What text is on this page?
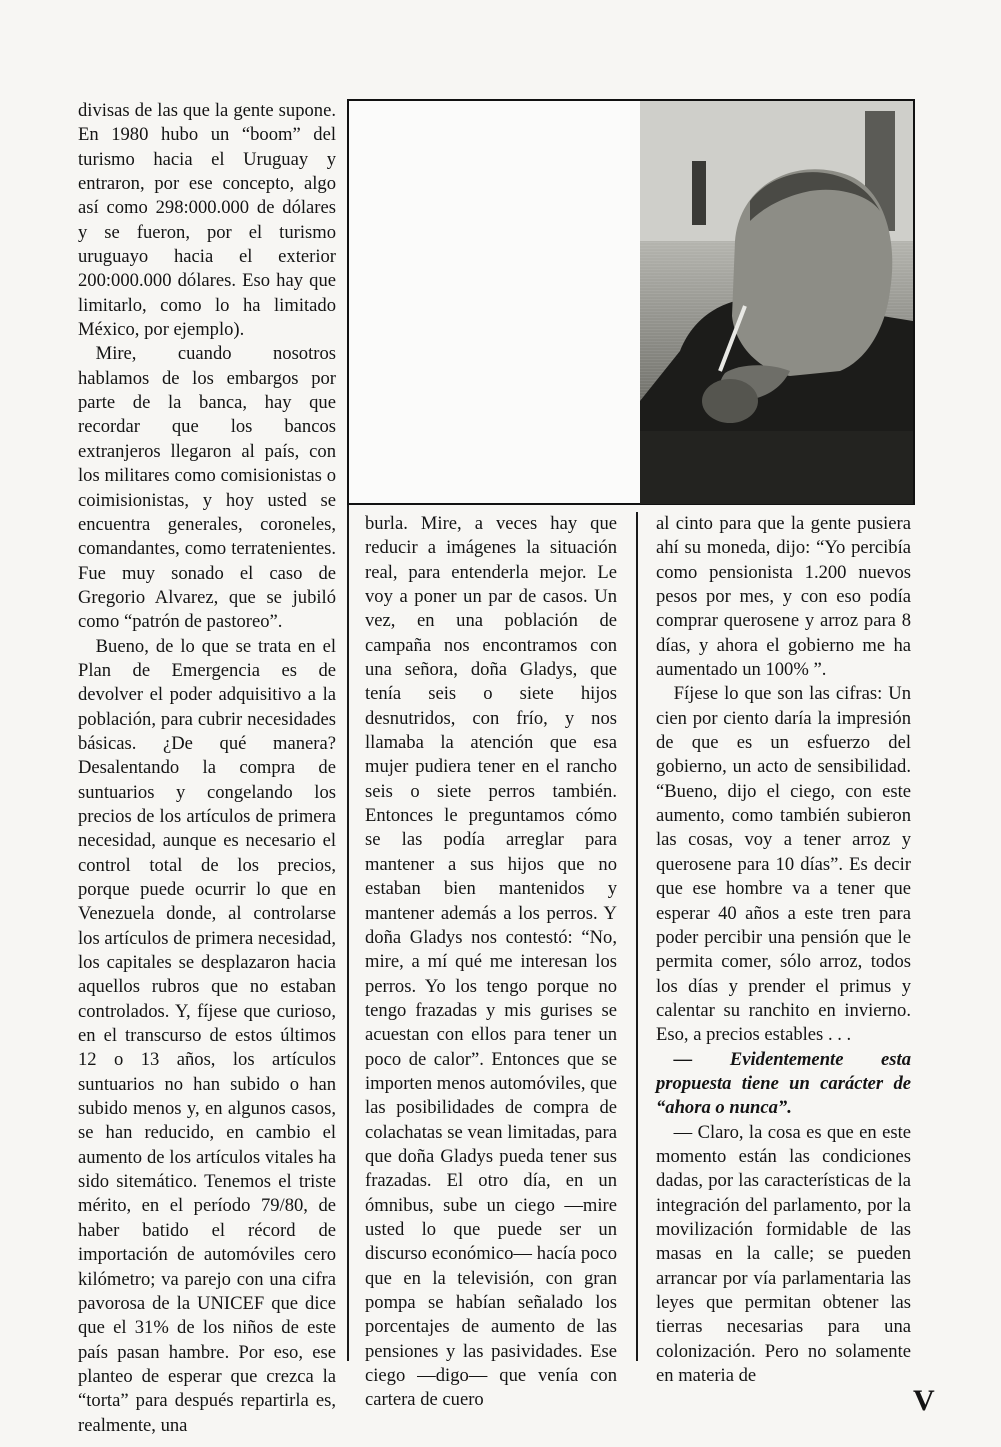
divisas de las que la gente supone. En 1980 hubo un “boom” del turismo hacia el Uruguay y entraron, por ese concepto, algo así como 298:000.000 de dólares y se fueron, por el turismo uruguayo hacia el exterior 200:000.000 dólares. Eso hay que limitarlo, como lo ha limitado México, por ejemplo).

Mire, cuando nosotros hablamos de los embargos por parte de la banca, hay que recordar que los bancos extranjeros llegaron al país, con los militares como comisionistas o coimisionistas, y hoy usted se encuentra generales, coroneles, comandantes, como terratenientes. Fue muy sonado el caso de Gregorio Alvarez, que se jubiló como “patrón de pastoreo”.

Bueno, de lo que se trata en el Plan de Emergencia es de devolver el poder adquisitivo a la población, para cubrir necesidades básicas. ¿De qué manera? Desalentando la compra de suntuarios y congelando los precios de los artículos de primera necesidad, aunque es necesario el control total de los precios, porque puede ocurrir lo que en Venezuela donde, al controlarse los artículos de primera necesidad, los capitales se desplazaron hacia aquellos rubros que no estaban controlados. Y, fíjese que curioso, en el transcurso de estos últimos 12 o 13 años, los artículos suntuarios no han subido o han subido menos y, en algunos casos, se han reducido, en cambio el aumento de los artículos vitales ha sido sitemático. Tenemos el triste mérito, en el período 79/80, de haber batido el récord de importación de automóviles cero kilómetro; va parejo con una cifra pavorosa de la UNICEF que dice que el 31% de los niños de este país pasan hambre. Por eso, ese planteo de esperar que crezca la “torta” para después repartirla es, realmente, una

burla. Mire, a veces hay que reducir a imágenes la situación real, para entenderla mejor. Le voy a poner un par de casos. Un vez, en una población de campaña nos encontramos con una señora, doña Gladys, que tenía seis o siete hijos desnutridos, con frío, y nos llamaba la atención que esa mujer pudiera tener en el rancho seis o siete perros también. Entonces le preguntamos cómo se las podía arreglar para mantener a sus hijos que no estaban bien mantenidos y mantener además a los perros. Y doña Gladys nos contestó: “No, mire, a mí qué me interesan los perros. Yo los tengo porque no tengo frazadas y mis gurises se acuestan con ellos para tener un poco de calor”. Entonces que se importen menos automóviles, que las posibilidades de compra de colachatas se vean limitadas, para que doña Gladys pueda tener sus frazadas. El otro día, en un ómnibus, sube un ciego —mire usted lo que puede ser un discurso económico— hacía poco que en la televisión, con gran pompa se habían señalado los porcentajes de aumento de las pensiones y las pasividades. Ese ciego —digo— que venía con cartera de cuero

al cinto para que la gente pusiera ahí su moneda, dijo: “Yo percibía como pensionista 1.200 nuevos pesos por mes, y con eso podía comprar querosene y arroz para 8 días, y ahora el gobierno me ha aumentado un 100% ”.

Fíjese lo que son las cifras: Un cien por ciento daría la impresión de que es un esfuerzo del gobierno, un acto de sensibilidad. “Bueno, dijo el ciego, con este aumento, como también subieron las cosas, voy a tener arroz y querosene para 10 días”. Es decir que ese hombre va a tener que esperar 40 años a este tren para poder percibir una pensión que le permita comer, sólo arroz, todos los días y prender el primus y calentar su ranchito en invierno. Eso, a precios estables . . .

— Evidentemente esta propuesta tiene un carácter de “ahora o nunca”.

— Claro, la cosa es que en este momento están las condiciones dadas, por las características de la integración del parlamento, por la movilización formidable de las masas en la calle; se pueden arrancar por vía parlamentaria las leyes que permitan obtener las tierras necesarias para una colonización. Pero no solamente en materia de

V
